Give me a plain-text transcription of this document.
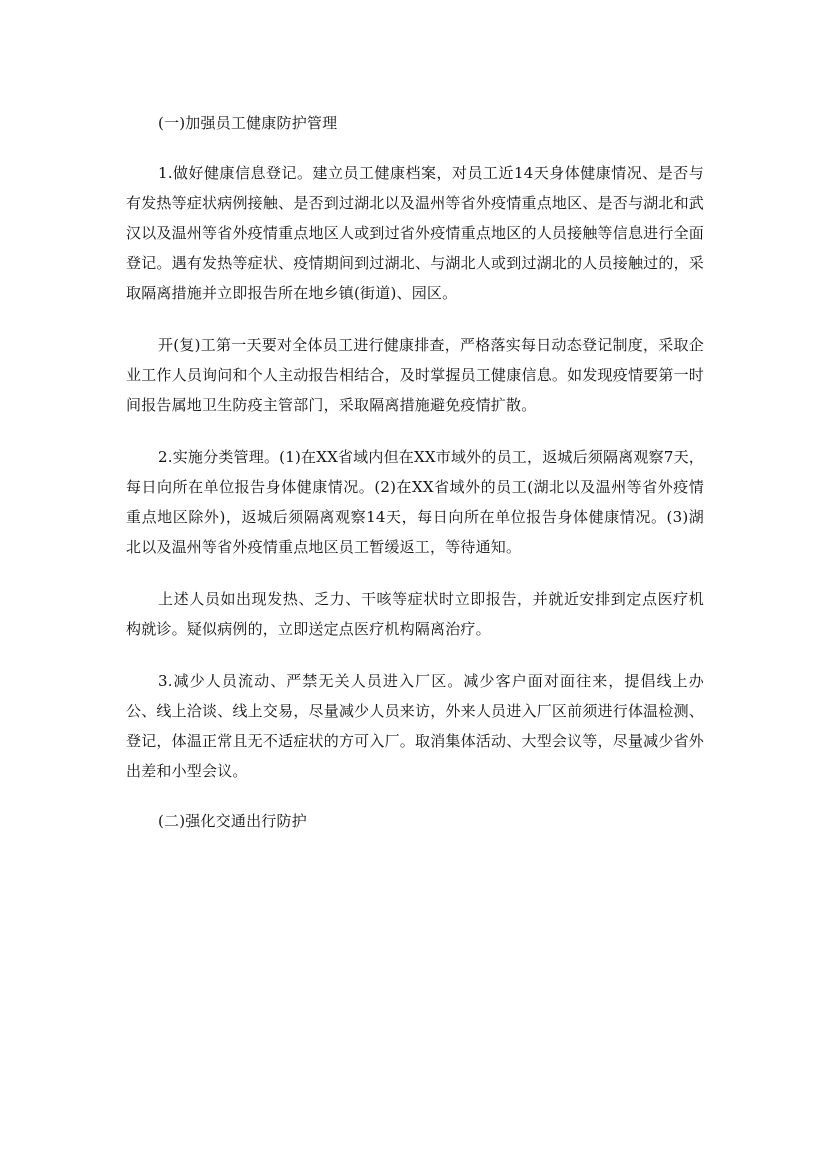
(一)加强员工健康防护管理

1.做好健康信息登记。建立员工健康档案，对员工近14天身体健康情况、是否与有发热等症状病例接触、是否到过湖北以及温州等省外疫情重点地区、是否与湖北和武汉以及温州等省外疫情重点地区人或到过省外疫情重点地区的人员接触等信息进行全面登记。遇有发热等症状、疫情期间到过湖北、与湖北人或到过湖北的人员接触过的，采取隔离措施并立即报告所在地乡镇(街道)、园区。

开(复)工第一天要对全体员工进行健康排查，严格落实每日动态登记制度，采取企业工作人员询问和个人主动报告相结合，及时掌握员工健康信息。如发现疫情要第一时间报告属地卫生防疫主管部门，采取隔离措施避免疫情扩散。

2.实施分类管理。(1)在XX省域内但在XX市域外的员工，返城后须隔离观察7天，每日向所在单位报告身体健康情况。(2)在XX省域外的员工(湖北以及温州等省外疫情重点地区除外)，返城后须隔离观察14天，每日向所在单位报告身体健康情况。(3)湖北以及温州等省外疫情重点地区员工暂缓返工，等待通知。

上述人员如出现发热、乏力、干咳等症状时立即报告，并就近安排到定点医疗机构就诊。疑似病例的，立即送定点医疗机构隔离治疗。

3.减少人员流动、严禁无关人员进入厂区。减少客户面对面往来，提倡线上办公、线上洽谈、线上交易，尽量减少人员来访，外来人员进入厂区前须进行体温检测、登记，体温正常且无不适症状的方可入厂。取消集体活动、大型会议等，尽量减少省外出差和小型会议。

(二)强化交通出行防护
